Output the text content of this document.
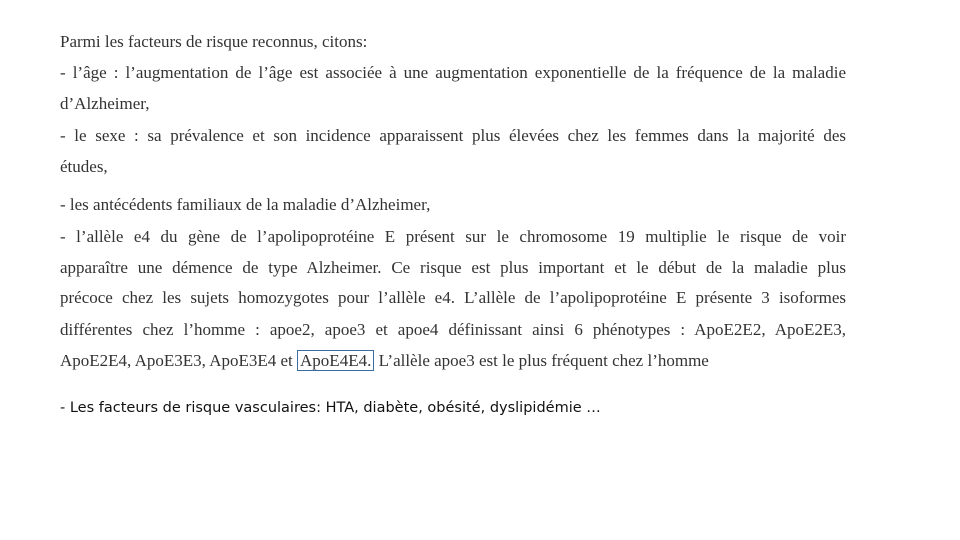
Parmi les facteurs de risque reconnus, citons:
- l’âge : l’augmentation de l’âge est associée à une augmentation exponentielle de la fréquence de la maladie
d’Alzheimer,
- le sexe : sa prévalence et son incidence apparaissent plus élevées chez les femmes dans la majorité des
études,
- les antécédents familiaux de la maladie d’Alzheimer,
- l’allèle e4 du gène de l’apolipoprotéine E présent sur le chromosome 19 multiplie le risque de voir
apparaître une démence de type Alzheimer. Ce risque est plus important et le début de la maladie plus
précoce chez les sujets homozygotes pour l’allèle e4. L’allèle de l’apolipoprotéine E présente 3 isoformes
différentes chez l’homme : apoe2, apoe3 et apoe4 définissant ainsi 6 phénotypes : ApoE2E2, ApoE2E3,
ApoE2E4, ApoE3E3, ApoE3E4 et ApoE4E4. L’allèle apoe3 est le plus fréquent chez l’homme
- Les facteurs de risque vasculaires: HTA, diabète, obésité, dyslipidémie …
